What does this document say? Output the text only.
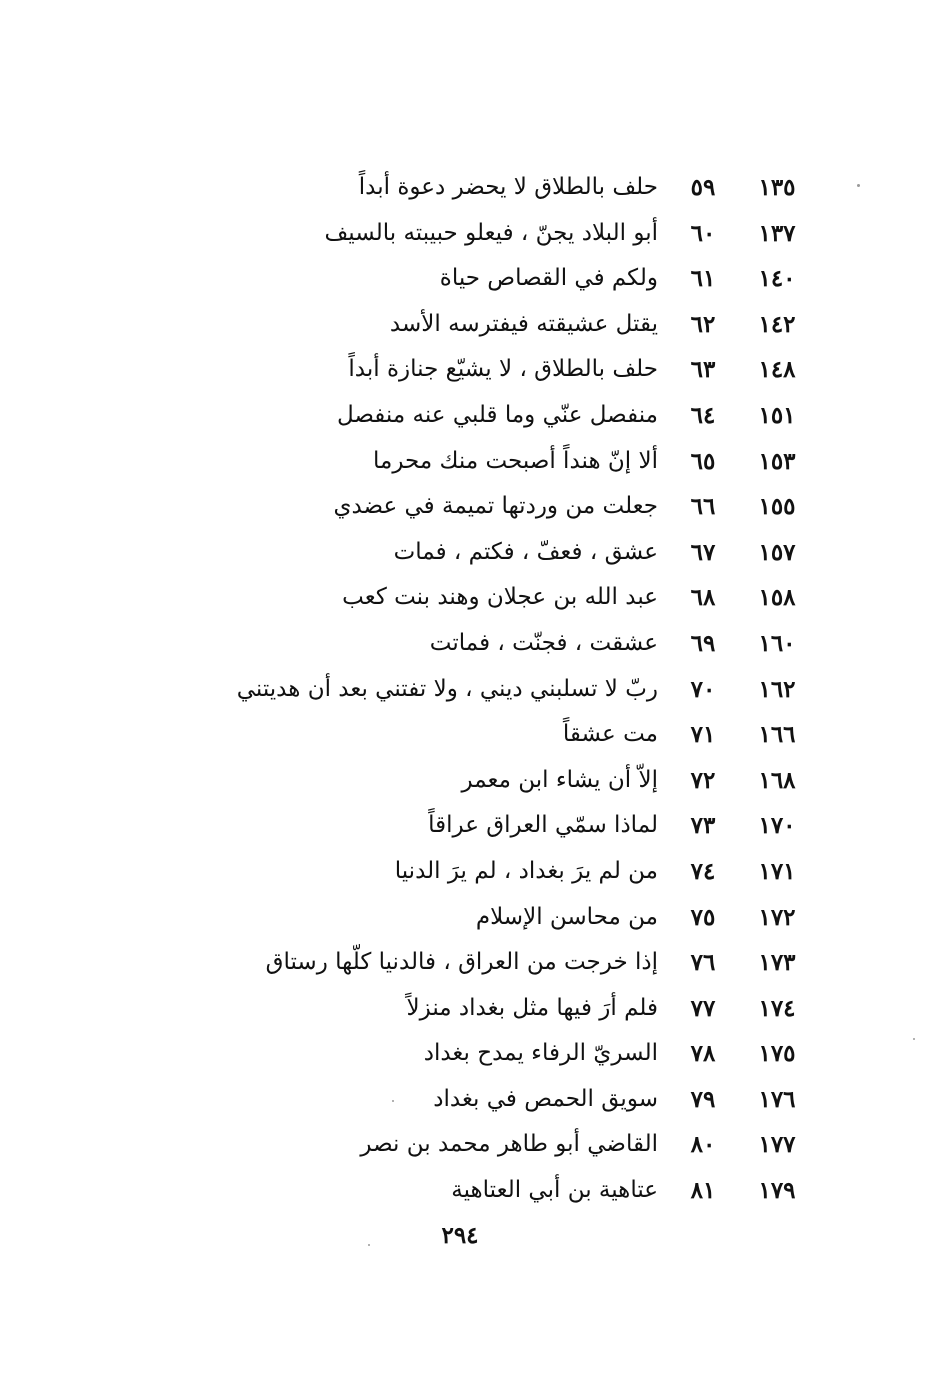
١٣٥
٥٩
حلف بالطلاق لا يحضر دعوة أبداً
١٣٧
٦٠
أبو البلاد يجنّ ، فيعلو حبيبته بالسيف
١٤٠
٦١
ولكم في القصاص حياة
١٤٢
٦٢
يقتل عشيقته فيفترسه الأسد
١٤٨
٦٣
حلف بالطلاق ، لا يشيّع جنازة أبداً
١٥١
٦٤
منفصل عنّي وما قلبي عنه منفصل
١٥٣
٦٥
ألا إنّ هنداً أصبحت منك محرما
١٥٥
٦٦
جعلت من وردتها تميمة في عضدي
١٥٧
٦٧
عشق ، فعفّ ، فكتم ، فمات
١٥٨
٦٨
عبد الله بن عجلان وهند بنت كعب
١٦٠
٦٩
عشقت ، فجنّت ، فماتت
١٦٢
٧٠
ربّ لا تسلبني ديني ، ولا تفتني بعد أن هديتني
١٦٦
٧١
مت عشقاً
١٦٨
٧٢
إلاّ أن يشاء ابن معمر
١٧٠
٧٣
لماذا سمّي العراق عراقاً
١٧١
٧٤
من لم يرَ بغداد ، لم يرَ الدنيا
١٧٢
٧٥
من محاسن الإسلام
١٧٣
٧٦
إذا خرجت من العراق ، فالدنيا كلّها رستاق
١٧٤
٧٧
فلم أرَ فيها مثل بغداد منزلاً
١٧٥
٧٨
السريّ الرفاء يمدح بغداد
١٧٦
٧٩
سويق الحمص في بغداد
١٧٧
٨٠
القاضي أبو طاهر محمد بن نصر
١٧٩
٨١
عتاهية بن أبي العتاهية
٢٩٤
